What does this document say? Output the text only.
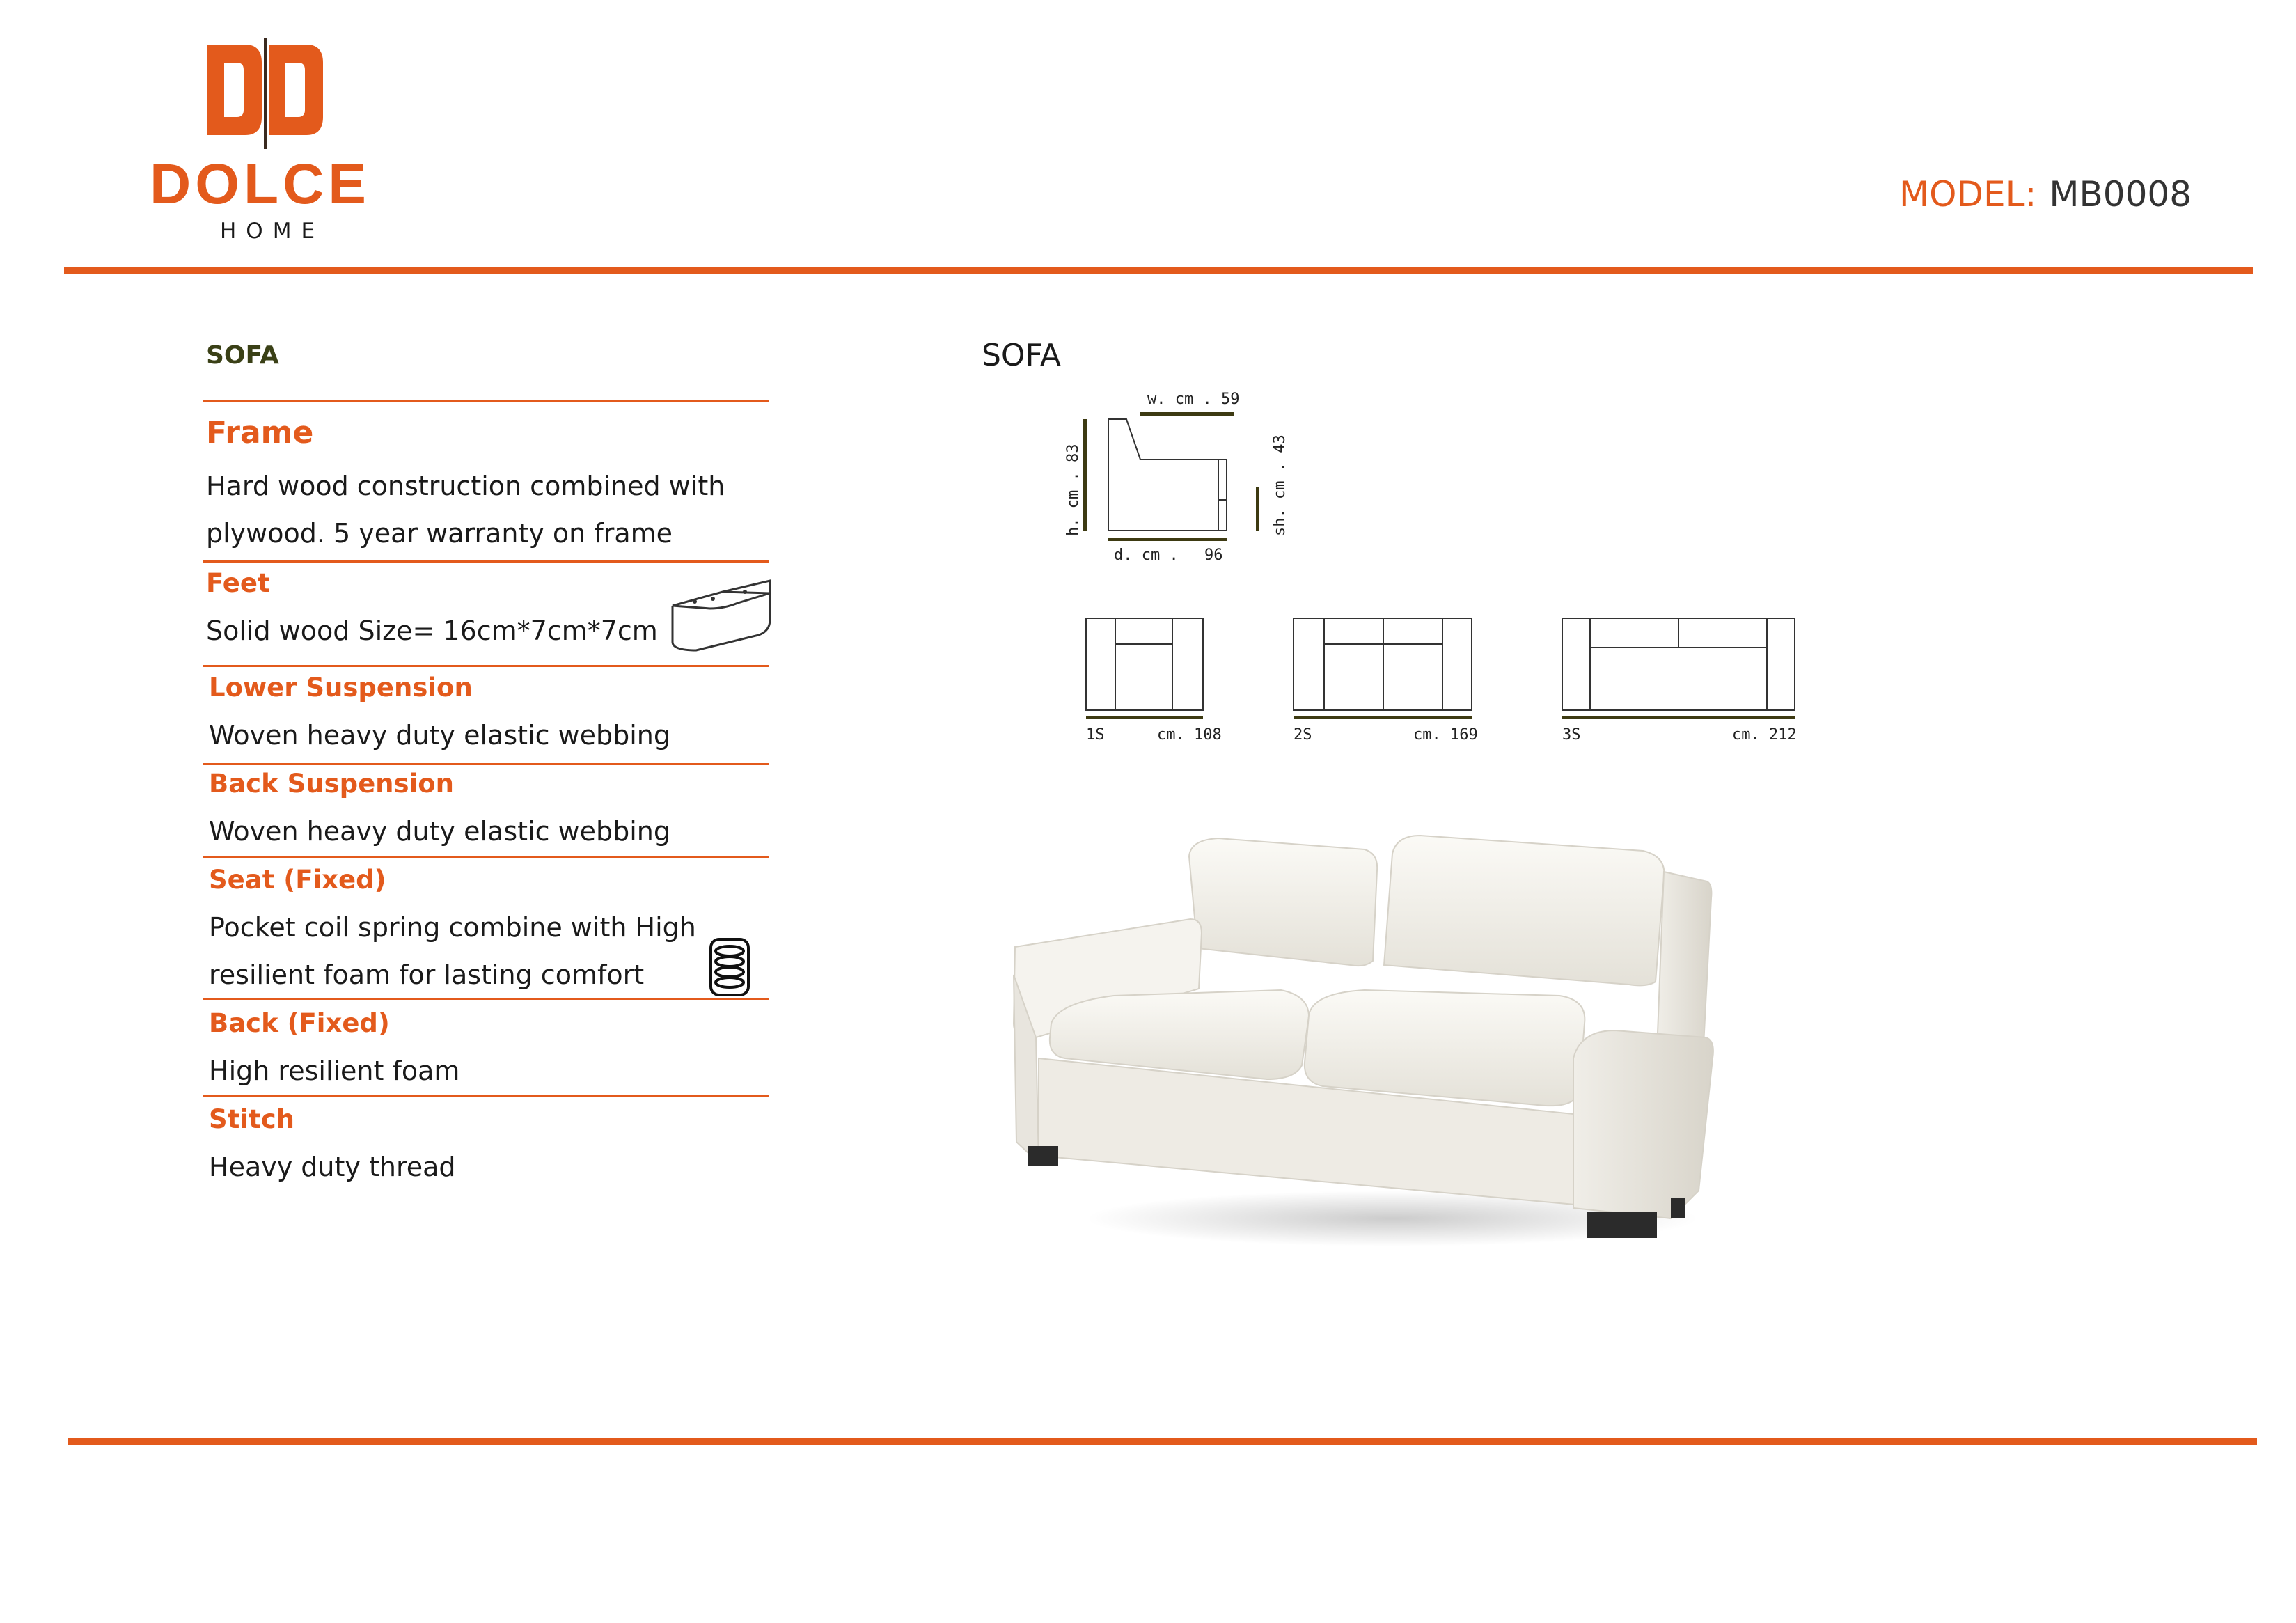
DOLCE
HOME
MODEL: MB0008
SOFA
Frame
Hard wood construction combined with
plywood. 5 year warranty on frame
Feet
Solid wood Size= 16cm*7cm*7cm
Lower Suspension
Woven heavy duty elastic webbing
Back Suspension
Woven heavy duty elastic webbing
Seat (Fixed)
Pocket coil spring combine with High
resilient foam for lasting comfort
Back (Fixed)
High resilient foam
Stitch
Heavy duty thread
SOFA
w. cm . 59
h. cm . 83	sh. cm . 43
d. cm . 96
1S	cm. 108	2S	cm. 169	3S	cm. 212
